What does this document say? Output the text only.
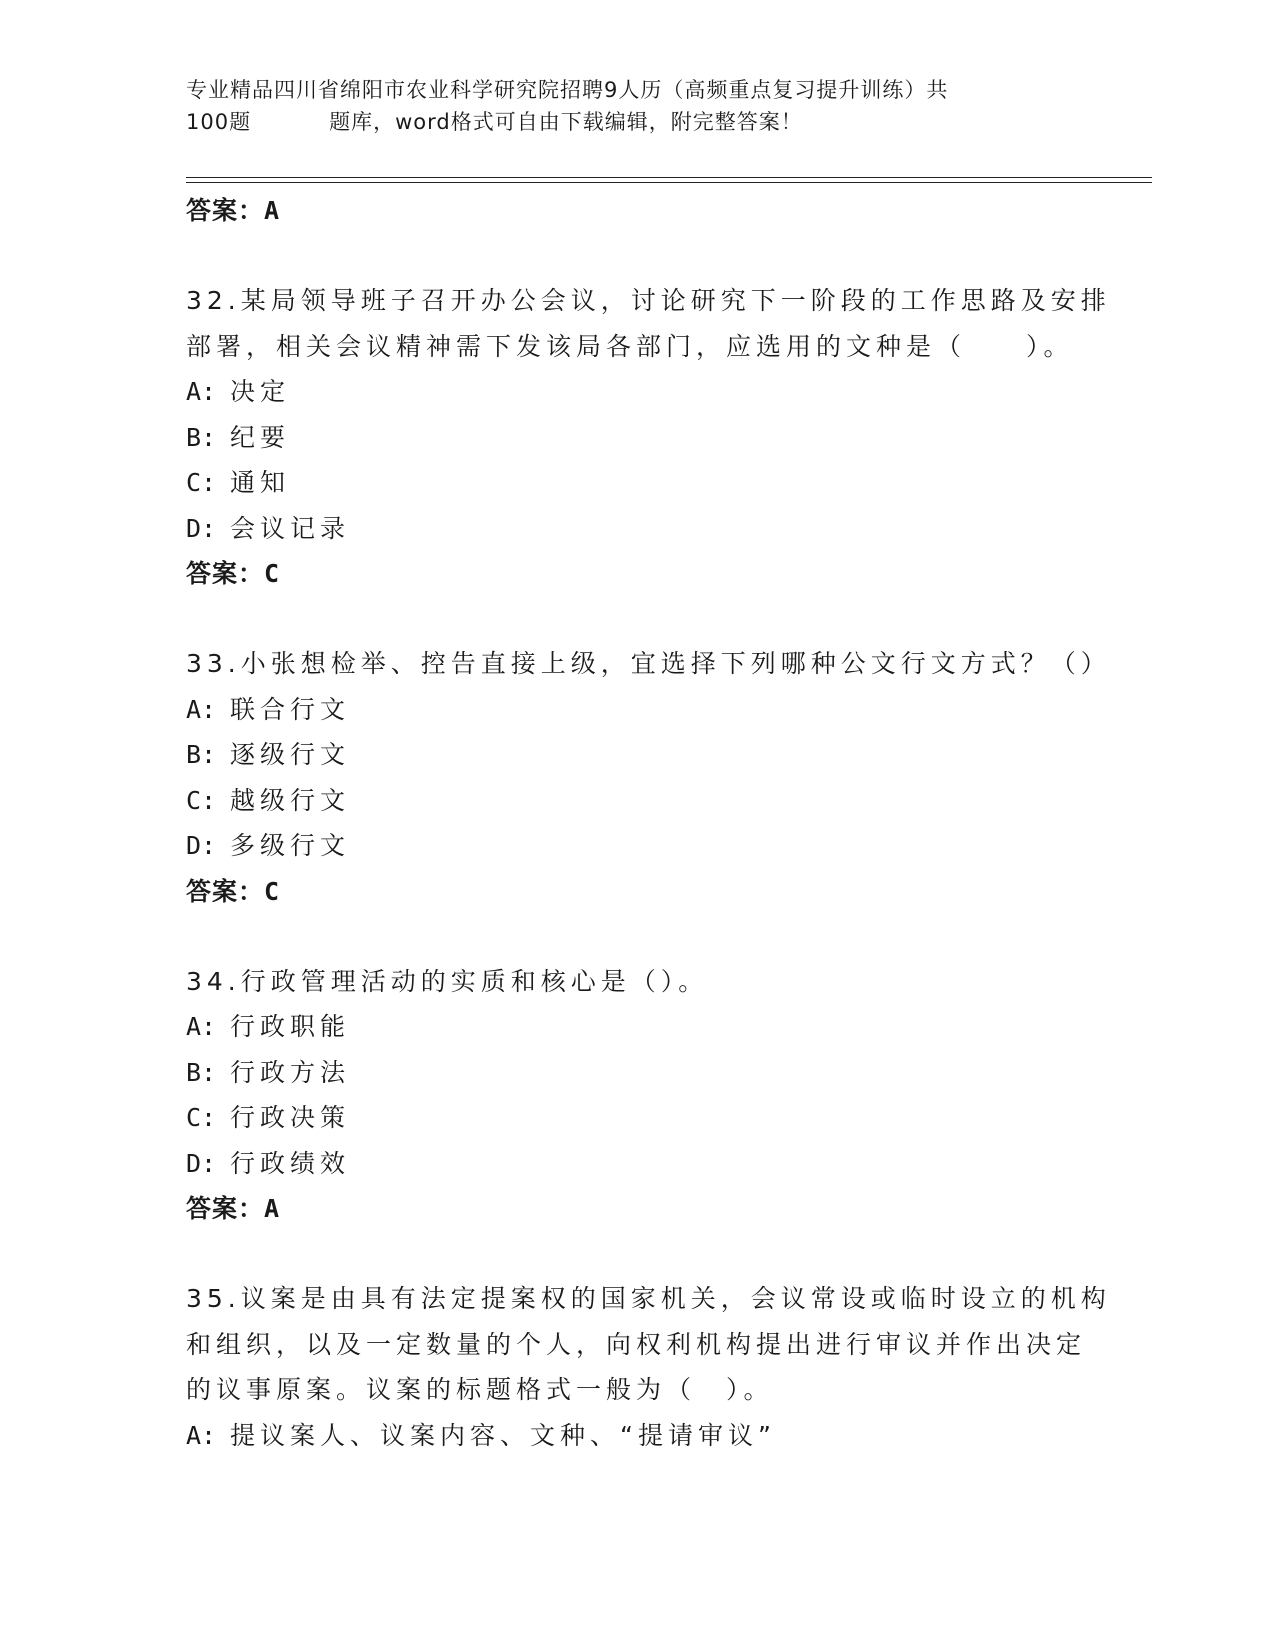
专业精品四川省绵阳市农业科学研究院招聘9人历（高频重点复习提升训练）共
100题	题库，word格式可自由下载编辑，附完整答案！
答案：A
32.某局领导班子召开办公会议，讨论研究下一阶段的工作思路及安排
部署，相关会议精神需下发该局各部门，应选用的文种是（　　）。
A: 决定
B: 纪要
C: 通知
D: 会议记录
答案：C
33.小张想检举、控告直接上级，宜选择下列哪种公文行文方式？（）
A: 联合行文
B: 逐级行文
C: 越级行文
D: 多级行文
答案：C
34.行政管理活动的实质和核心是（）。
A: 行政职能
B: 行政方法
C: 行政决策
D: 行政绩效
答案：A
35.议案是由具有法定提案权的国家机关，会议常设或临时设立的机构
和组织，以及一定数量的个人，向权利机构提出进行审议并作出决定
的议事原案。议案的标题格式一般为（　）。
A: 提议案人、议案内容、文种、“提请审议”
